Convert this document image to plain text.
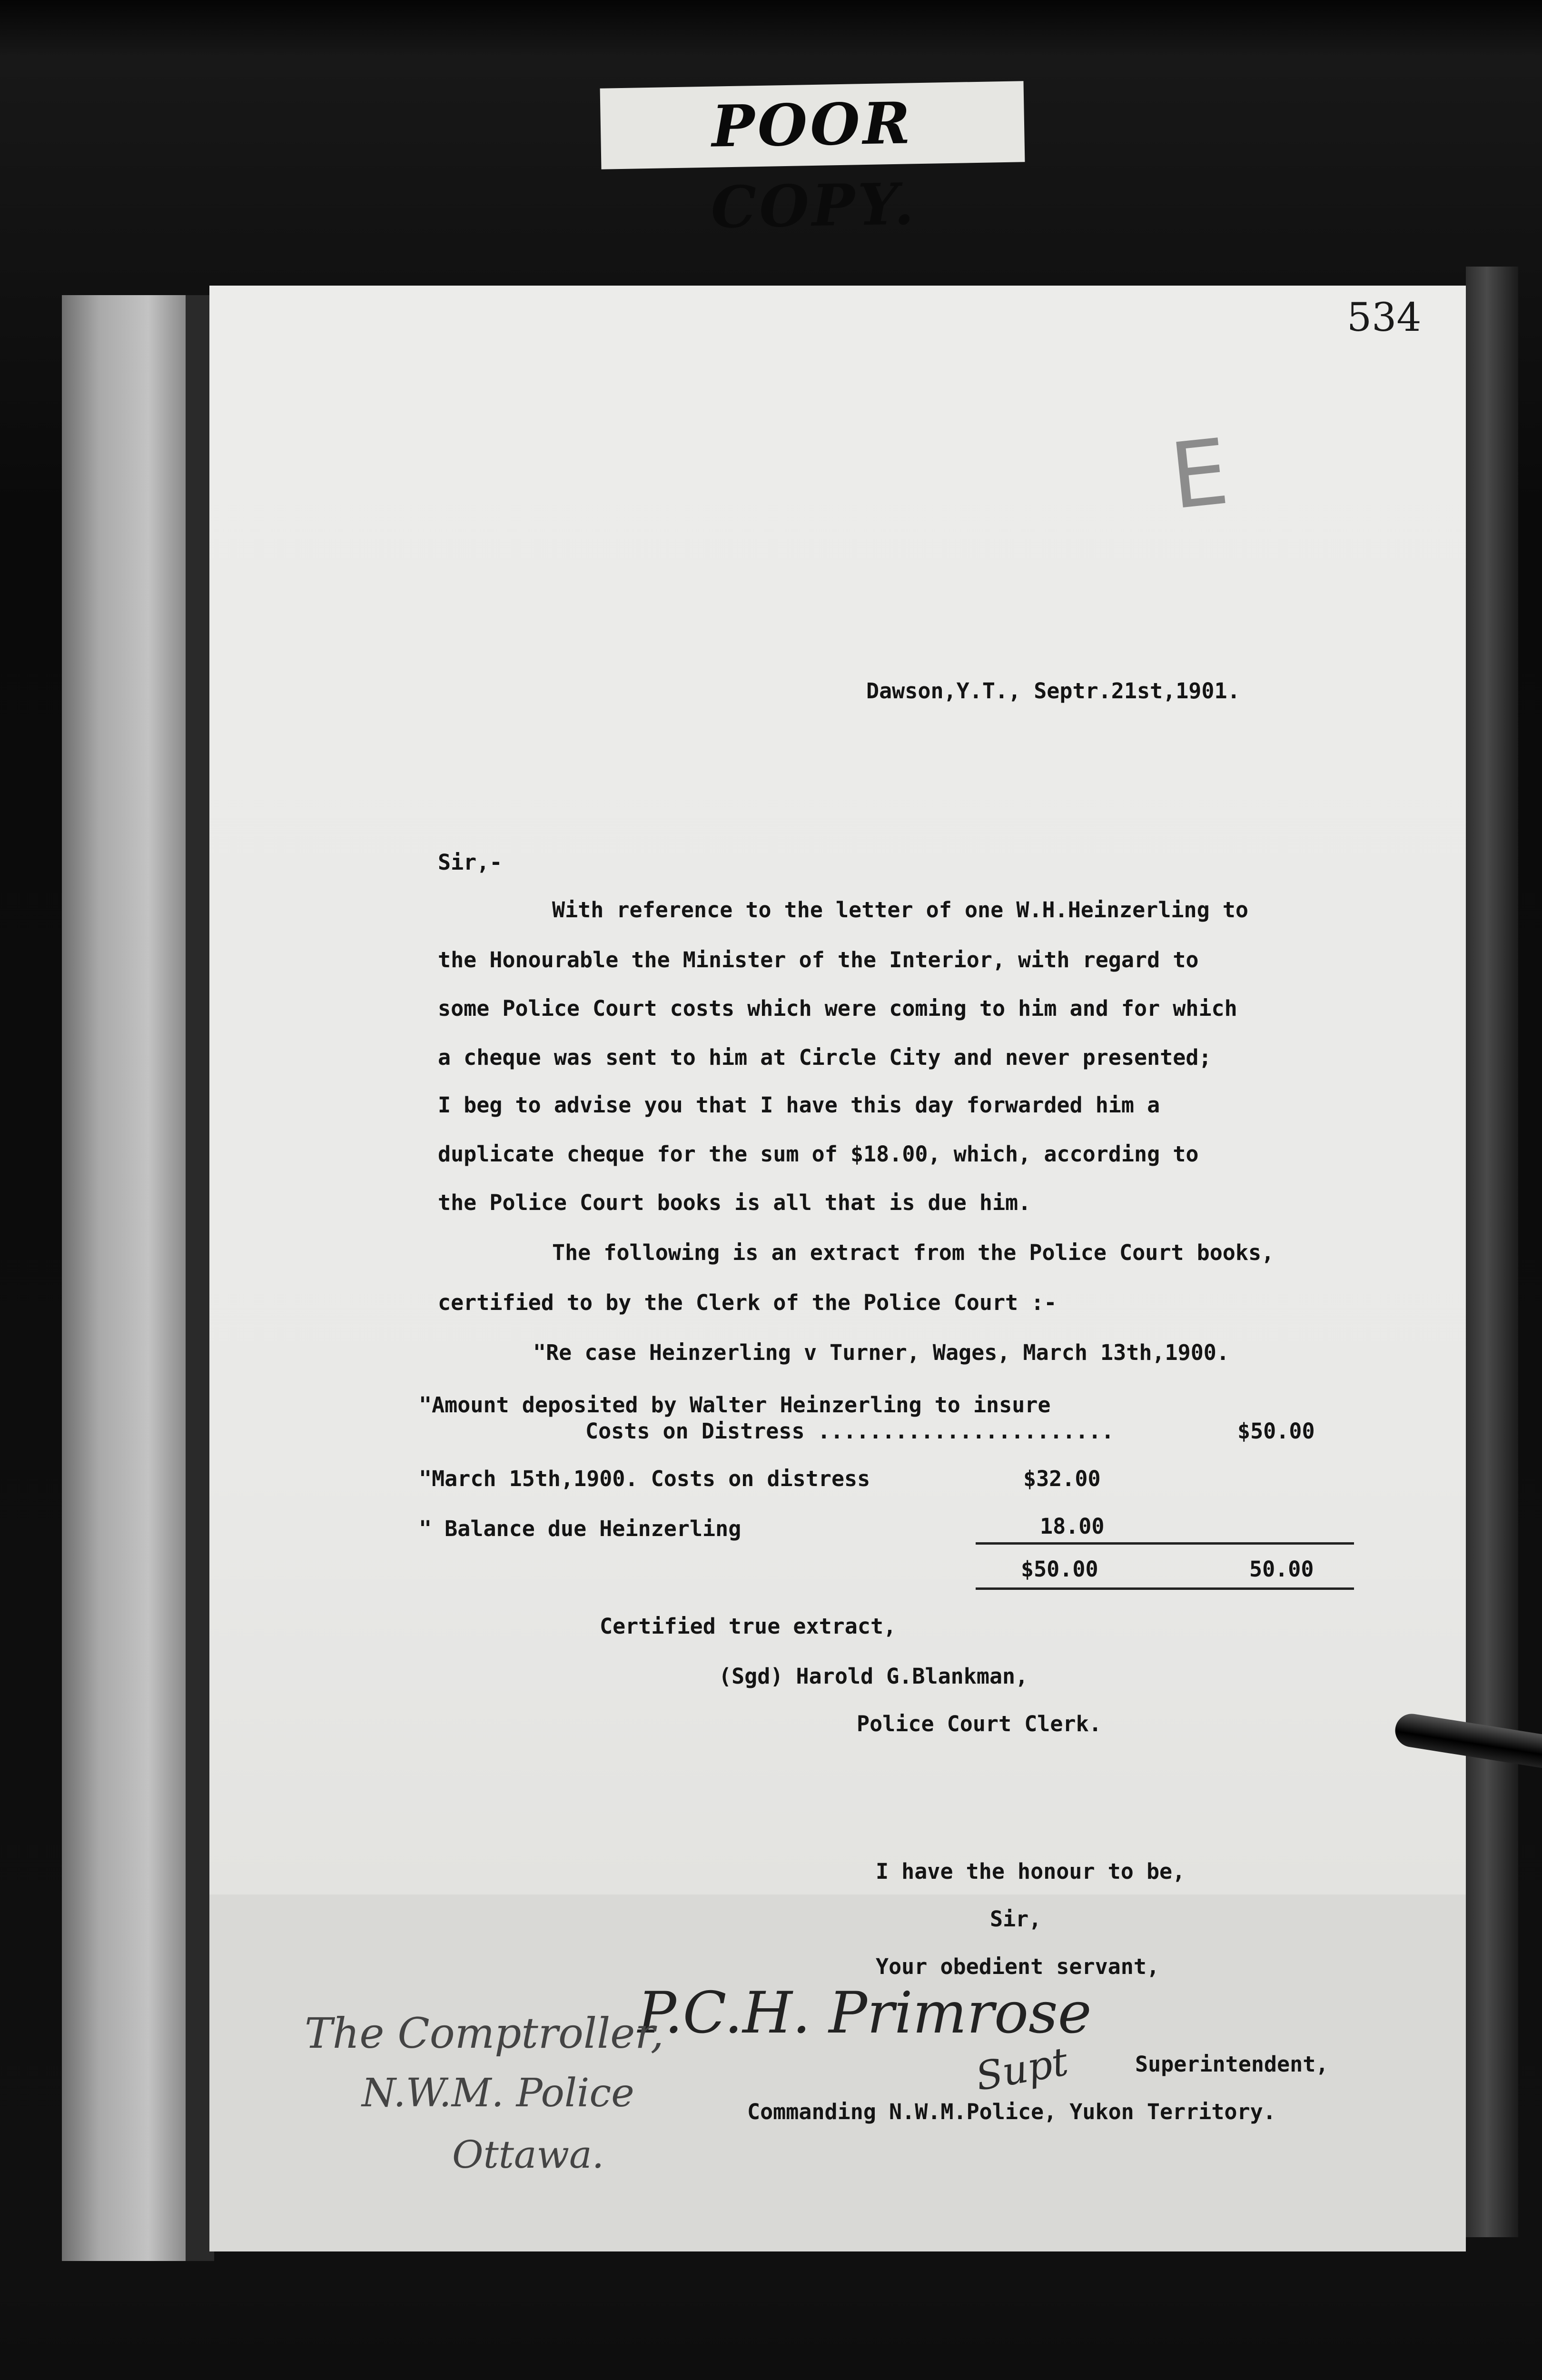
POOR COPY.
534
E
Dawson,Y.T., Septr.21st,1901.
Sir,-
With reference to the letter of one W.H.Heinzerling to
the Honourable the Minister of the Interior, with regard to
some Police Court costs which were coming to him and for which
a cheque was sent to him at Circle City and never presented;
I beg to advise you that I have this day forwarded him a
duplicate cheque for the sum of $18.00, which, according to
the Police Court books is all that is due him.
The following is an extract from the Police Court books,
certified to by the Clerk of the Police Court :-
"Re case Heinzerling v Turner, Wages, March 13th,1900.
"Amount deposited by Walter Heinzerling to insure
Costs on Distress .......................	$50.00
"March 15th,1900. Costs on distress	$32.00
" Balance due Heinzerling	18.00
$50.00	50.00
Certified true extract,
(Sgd) Harold G.Blankman,
Police Court Clerk.
I have the honour to be,
Sir,
Your obedient servant,
Superintendent,
Commanding N.W.M.Police, Yukon Territory.
P.C.H. Primrose
Supt
The Comptroller,
N.W.M. Police
Ottawa.
